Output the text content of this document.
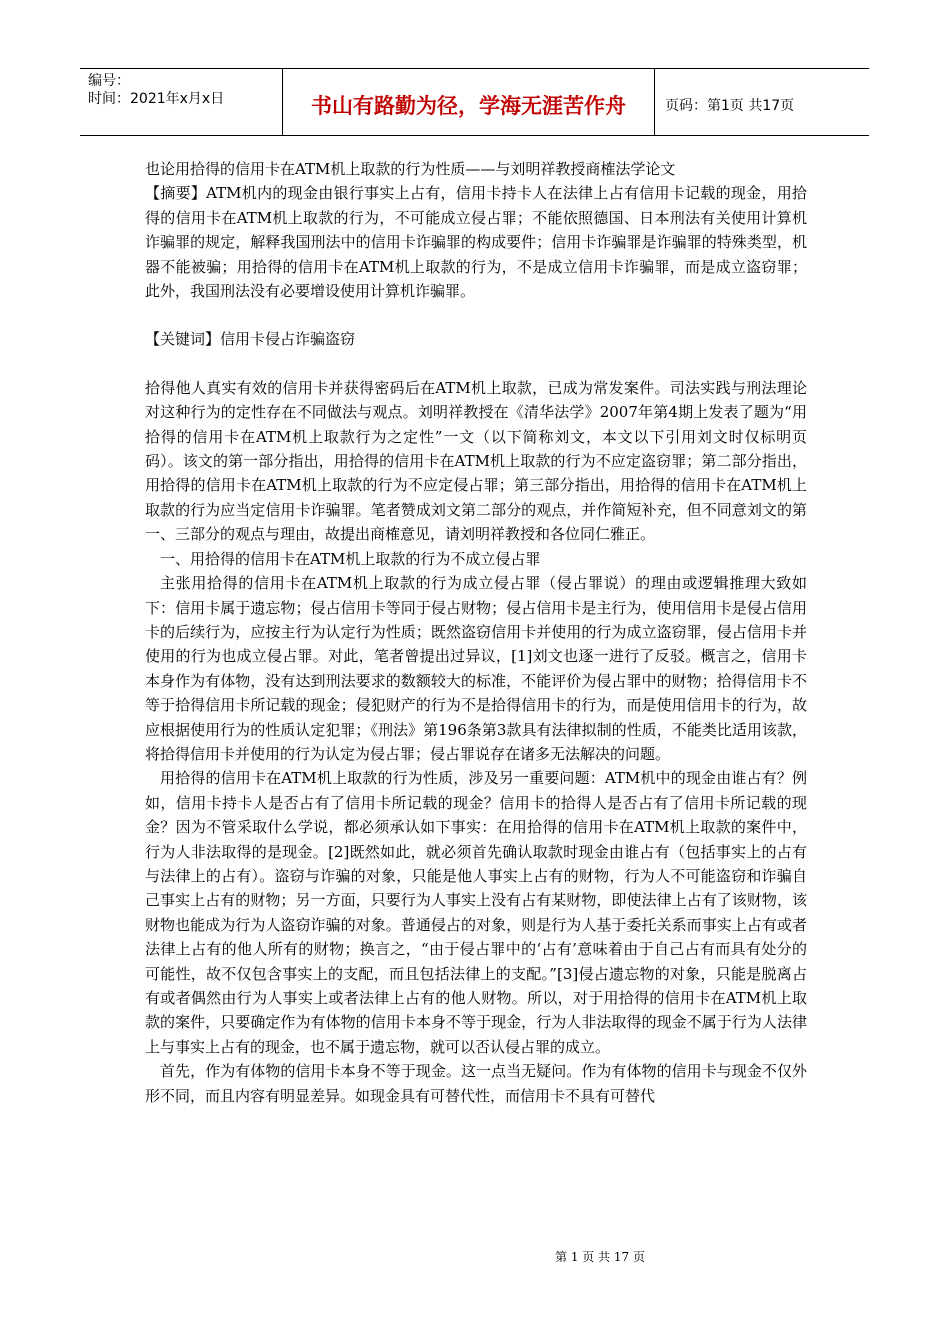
编号：
时间：2021年x月x日	书山有路勤为径，学海无涯苦作舟	页码：第1页 共17页

也论用拾得的信用卡在ATM机上取款的行为性质——与刘明祥教授商榷法学论文

【摘要】ATM机内的现金由银行事实上占有，信用卡持卡人在法律上占有信用卡记载的现金，用拾得的信用卡在ATM机上取款的行为，不可能成立侵占罪；不能依照德国、日本刑法有关使用计算机诈骗罪的规定，解释我国刑法中的信用卡诈骗罪的构成要件；信用卡诈骗罪是诈骗罪的特殊类型，机器不能被骗；用拾得的信用卡在ATM机上取款的行为，不是成立信用卡诈骗罪，而是成立盗窃罪；此外，我国刑法没有必要增设使用计算机诈骗罪。

【关键词】信用卡侵占诈骗盗窃

拾得他人真实有效的信用卡并获得密码后在ATM机上取款，已成为常发案件。司法实践与刑法理论对这种行为的定性存在不同做法与观点。刘明祥教授在《清华法学》2007年第4期上发表了题为“用拾得的信用卡在ATM机上取款行为之定性”一文（以下简称刘文，本文以下引用刘文时仅标明页码）。该文的第一部分指出，用拾得的信用卡在ATM机上取款的行为不应定盗窃罪；第二部分指出，用拾得的信用卡在ATM机上取款的行为不应定侵占罪；第三部分指出，用拾得的信用卡在ATM机上取款的行为应当定信用卡诈骗罪。笔者赞成刘文第二部分的观点，并作简短补充，但不同意刘文的第一、三部分的观点与理由，故提出商榷意见，请刘明祥教授和各位同仁雅正。

一、用拾得的信用卡在ATM机上取款的行为不成立侵占罪

主张用拾得的信用卡在ATM机上取款的行为成立侵占罪（侵占罪说）的理由或逻辑推理大致如下：信用卡属于遗忘物；侵占信用卡等同于侵占财物；侵占信用卡是主行为，使用信用卡是侵占信用卡的后续行为，应按主行为认定行为性质；既然盗窃信用卡并使用的行为成立盗窃罪，侵占信用卡并使用的行为也成立侵占罪。对此，笔者曾提出过异议，[1]刘文也逐一进行了反驳。概言之，信用卡本身作为有体物，没有达到刑法要求的数额较大的标准，不能评价为侵占罪中的财物；拾得信用卡不等于拾得信用卡所记载的现金；侵犯财产的行为不是拾得信用卡的行为，而是使用信用卡的行为，故应根据使用行为的性质认定犯罪；《刑法》第196条第3款具有法律拟制的性质，不能类比适用该款，将拾得信用卡并使用的行为认定为侵占罪；侵占罪说存在诸多无法解决的问题。

用拾得的信用卡在ATM机上取款的行为性质，涉及另一重要问题：ATM机中的现金由谁占有？例如，信用卡持卡人是否占有了信用卡所记载的现金？信用卡的拾得人是否占有了信用卡所记载的现金？因为不管采取什么学说，都必须承认如下事实：在用拾得的信用卡在ATM机上取款的案件中，行为人非法取得的是现金。[2]既然如此，就必须首先确认取款时现金由谁占有（包括事实上的占有与法律上的占有）。盗窃与诈骗的对象，只能是他人事实上占有的财物，行为人不可能盗窃和诈骗自己事实上占有的财物；另一方面，只要行为人事实上没有占有某财物，即使法律上占有了该财物，该财物也能成为行为人盗窃诈骗的对象。普通侵占的对象，则是行为人基于委托关系而事实上占有或者法律上占有的他人所有的财物；换言之，“由于侵占罪中的‘占有’意味着由于自己占有而具有处分的可能性，故不仅包含事实上的支配，而且包括法律上的支配。”[3]侵占遗忘物的对象，只能是脱离占有或者偶然由行为人事实上或者法律上占有的他人财物。所以，对于用拾得的信用卡在ATM机上取款的案件，只要确定作为有体物的信用卡本身不等于现金，行为人非法取得的现金不属于行为人法律上与事实上占有的现金，也不属于遗忘物，就可以否认侵占罪的成立。

首先，作为有体物的信用卡本身不等于现金。这一点当无疑问。作为有体物的信用卡与现金不仅外形不同，而且内容有明显差异。如现金具有可替代性，而信用卡不具有可替代

第 1 页 共 17 页
